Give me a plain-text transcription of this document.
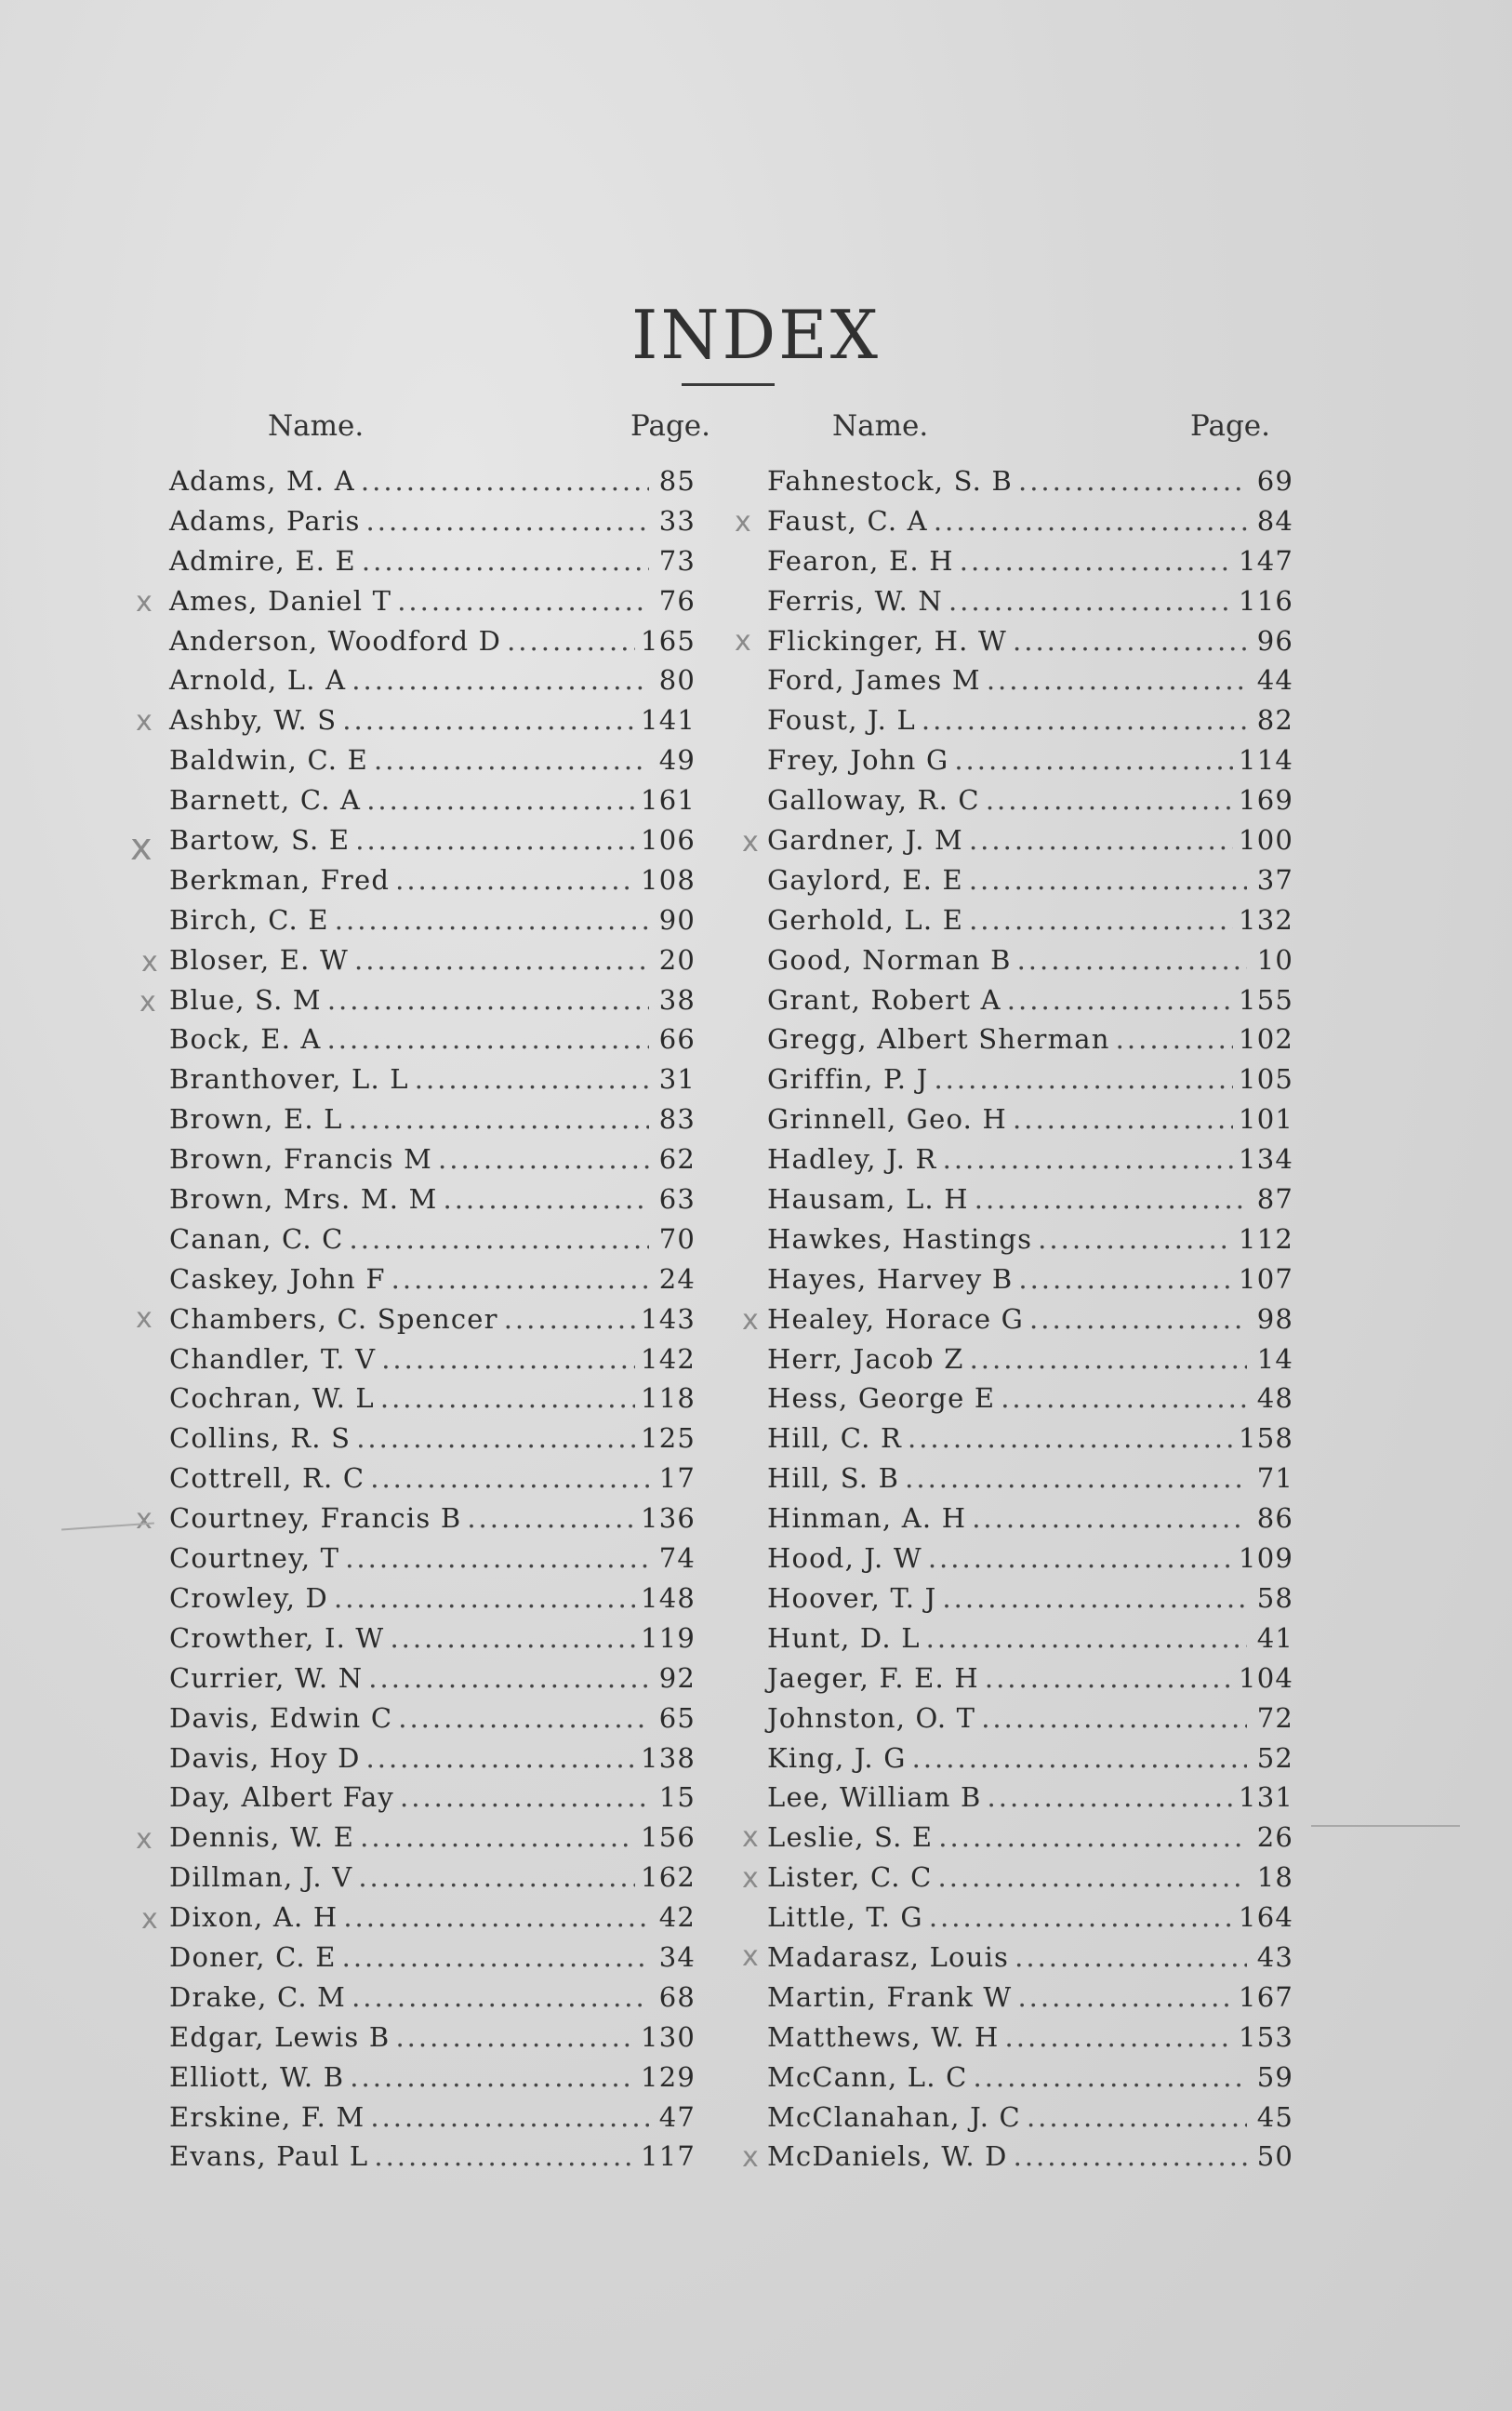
INDEX
Name.	Page.
Adams, M. A .....	85
Adams, Paris .....	33
Admire, E. E .....	73
Ames, Daniel T .....	76
Anderson, Woodford D .....	165
Arnold, L. A .....	80
Ashby, W. S .....	141
Baldwin, C. E .....	49
Barnett, C. A .....	161
Bartow, S. E .....	106
Berkman, Fred .....	108
Birch, C. E .....	90
Bloser, E. W .....	20
Blue, S. M .....	38
Bock, E. A .....	66
Branthover, L. L .....	31
Brown, E. L .....	83
Brown, Francis M .....	62
Brown, Mrs. M. M .....	63
Canan, C. C .....	70
Caskey, John F .....	24
Chambers, C. Spencer .....	143
Chandler, T. V .....	142
Cochran, W. L .....	118
Collins, R. S .....	125
Cottrell, R. C .....	17
Courtney, Francis B .....	136
Courtney, T .....	74
Crowley, D .....	148
Crowther, I. W .....	119
Currier, W. N .....	92
Davis, Edwin C .....	65
Davis, Hoy D .....	138
Day, Albert Fay .....	15
Dennis, W. E .....	156
Dillman, J. V .....	162
Dixon, A. H .....	42
Doner, C. E .....	34
Drake, C. M .....	68
Edgar, Lewis B .....	130
Elliott, W. B .....	129
Erskine, F. M .....	47
Evans, Paul L .....	117
Name.	Page.
Fahnestock, S. B .....	69
Faust, C. A .....	84
Fearon, E. H .....	147
Ferris, W. N .....	116
Flickinger, H. W .....	96
Ford, James M .....	44
Foust, J. L .....	82
Frey, John G .....	114
Galloway, R. C .....	169
Gardner, J. M .....	100
Gaylord, E. E .....	37
Gerhold, L. E .....	132
Good, Norman B .....	10
Grant, Robert A .....	155
Gregg, Albert Sherman .....	102
Griffin, P. J .....	105
Grinnell, Geo. H .....	101
Hadley, J. R .....	134
Hausam, L. H .....	87
Hawkes, Hastings .....	112
Hayes, Harvey B .....	107
Healey, Horace G .....	98
Herr, Jacob Z .....	14
Hess, George E .....	48
Hill, C. R .....	158
Hill, S. B .....	71
Hinman, A. H .....	86
Hood, J. W .....	109
Hoover, T. J .....	58
Hunt, D. L .....	41
Jaeger, F. E. H .....	104
Johnston, O. T .....	72
King, J. G .....	52
Lee, William B .....	131
Leslie, S. E .....	26
Lister, C. C .....	18
Little, T. G .....	164
Madarasz, Louis .....	43
Martin, Frank W .....	167
Matthews, W. H .....	153
McCann, L. C .....	59
McClanahan, J. C .....	45
McDaniels, W. D .....	50
x
x
x
x
x
x
x
x
x
x
x
x
x
x
x
x
x
